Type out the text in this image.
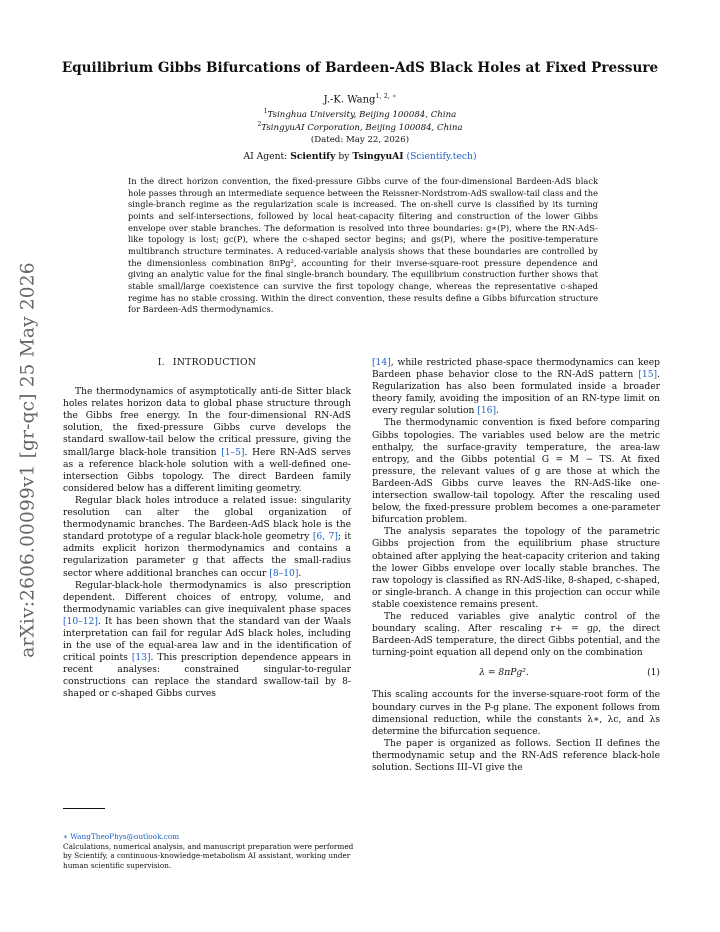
Equilibrium Gibbs Bifurcations of Bardeen-AdS Black Holes at Fixed Pressure
J.-K. Wang$^{1, 2,}$ ∗
$^1$Tsinghua University, Beijing 100084, China
$^2$TsingyuAI Corporation, Beijing 100084, China
(Dated: May 22, 2026)
AI Agent: Scientify by TsingyuAI (Scientify.tech)
In the direct horizon convention, the fixed-pressure Gibbs curve of the four-dimensional Bardeen-AdS black hole passes through an intermediate sequence between the Reissner-Nordstrom-AdS swallow-tail class and the single-branch regime as the regularization scale is increased. The on-shell curve is classified by its turning points and self-intersections, followed by local heat-capacity filtering and construction of the lower Gibbs envelope over stable branches. The deformation is resolved into three boundaries: g∗(P), where the RN-AdS-like topology is lost; gc(P), where the c-shaped sector begins; and gs(P), where the positive-temperature multibranch structure terminates. A reduced-variable analysis shows that these boundaries are controlled by the dimensionless combination 8πPg², accounting for their inverse-square-root pressure dependence and giving an analytic value for the final single-branch boundary. The equilibrium construction further shows that stable small/large coexistence can survive the first topology change, whereas the representative c-shaped regime has no stable crossing. Within the direct convention, these results define a Gibbs bifurcation structure for Bardeen-AdS thermodynamics.
arXiv:2606.00099v1 [gr-qc] 25 May 2026	I. INTRODUCTION

The thermodynamics of asymptotically anti-de Sitter black holes relates horizon data to global phase structure through the Gibbs free energy. In the four-dimensional RN-AdS solution, the fixed-pressure Gibbs curve develops the standard swallow-tail below the critical pressure, giving the small/large black-hole transition [1–5]. Here RN-AdS serves as a reference black-hole solution with a well-defined one-intersection Gibbs topology. The direct Bardeen family considered below has a different limiting geometry.

Regular black holes introduce a related issue: singularity resolution can alter the global organization of thermodynamic branches. The Bardeen-AdS black hole is the standard prototype of a regular black-hole geometry [6, 7]; it admits explicit horizon thermodynamics and contains a regularization parameter g that affects the small-radius sector where additional branches can occur [8–10].

Regular-black-hole thermodynamics is also prescription dependent. Different choices of entropy, volume, and thermodynamic variables can give inequivalent phase spaces [10–12]. It has been shown that the standard van der Waals interpretation can fail for regular AdS black holes, including in the use of the equal-area law and in the identification of critical points [13]. This prescription dependence appears in recent analyses: constrained singular-to-regular constructions can replace the standard swallow-tail by 8-shaped or c-shaped Gibbs curves

∗ WangTheoPhys@outlook.com
Calculations, numerical analysis, and manuscript preparation were performed by Scientify, a continuous-knowledge-metabolism AI assistant, working under human scientific supervision.

[14], while restricted phase-space thermodynamics can keep Bardeen phase behavior close to the RN-AdS pattern [15]. Regularization has also been formulated inside a broader theory family, avoiding the imposition of an RN-type limit on every regular solution [16].

The thermodynamic convention is fixed before comparing Gibbs topologies. The variables used below are the metric enthalpy, the surface-gravity temperature, the area-law entropy, and the Gibbs potential G = M − TS. At fixed pressure, the relevant values of g are those at which the Bardeen-AdS Gibbs curve leaves the RN-AdS-like one-intersection swallow-tail topology. After the rescaling used below, the fixed-pressure problem becomes a one-parameter bifurcation problem.

The analysis separates the topology of the parametric Gibbs projection from the equilibrium phase structure obtained after applying the heat-capacity criterion and taking the lower Gibbs envelope over locally stable branches. The raw topology is classified as RN-AdS-like, 8-shaped, c-shaped, or single-branch. A change in this projection can occur while stable coexistence remains present.

The reduced variables give analytic control of the boundary scaling. After rescaling r+ = gρ, the direct Bardeen-AdS temperature, the direct Gibbs potential, and the turning-point equation all depend only on the combination

λ = 8πPg².	(1)

This scaling accounts for the inverse-square-root form of the boundary curves in the P-g plane. The exponent follows from dimensional reduction, while the constants λ∗, λc, and λs determine the bifurcation sequence.

The paper is organized as follows. Section II defines the thermodynamic setup and the RN-AdS reference black-hole solution. Sections III–VI give the
